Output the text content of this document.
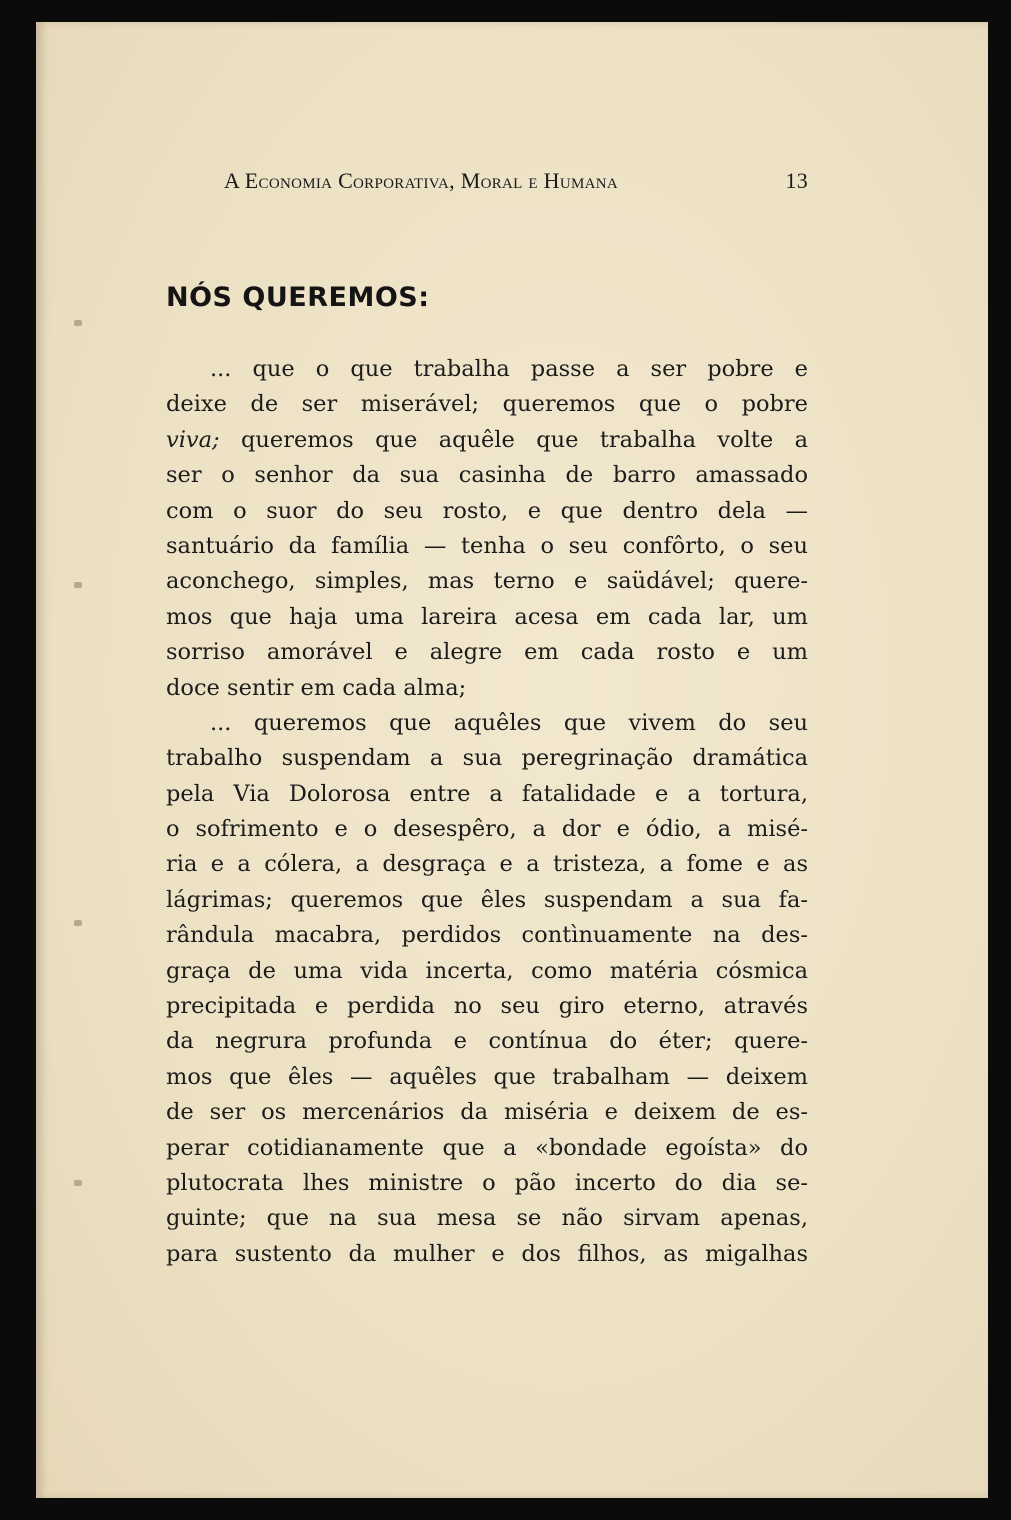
A Economia Corporativa, Moral e Humana	13
NÓS QUEREMOS:
... que o que trabalha passe a ser pobre e
deixe de ser miserável; queremos que o pobre
viva; queremos que aquêle que trabalha volte a
ser o senhor da sua casinha de barro amassado
com o suor do seu rosto, e que dentro dela —
santuário da família — tenha o seu confôrto, o seu
aconchego, simples, mas terno e saüdável; quere-
mos que haja uma lareira acesa em cada lar, um
sorriso amorável e alegre em cada rosto e um
doce sentir em cada alma;
... queremos que aquêles que vivem do seu
trabalho suspendam a sua peregrinação dramática
pela Via Dolorosa entre a fatalidade e a tortura,
o sofrimento e o desespêro, a dor e ódio, a misé-
ria e a cólera, a desgraça e a tristeza, a fome e as
lágrimas; queremos que êles suspendam a sua fa-
rândula macabra, perdidos contìnuamente na des-
graça de uma vida incerta, como matéria cósmica
precipitada e perdida no seu giro eterno, através
da negrura profunda e contínua do éter; quere-
mos que êles — aquêles que trabalham — deixem
de ser os mercenários da miséria e deixem de es-
perar cotidianamente que a «bondade egoísta» do
plutocrata lhes ministre o pão incerto do dia se-
guinte; que na sua mesa se não sirvam apenas,
para sustento da mulher e dos filhos, as migalhas
